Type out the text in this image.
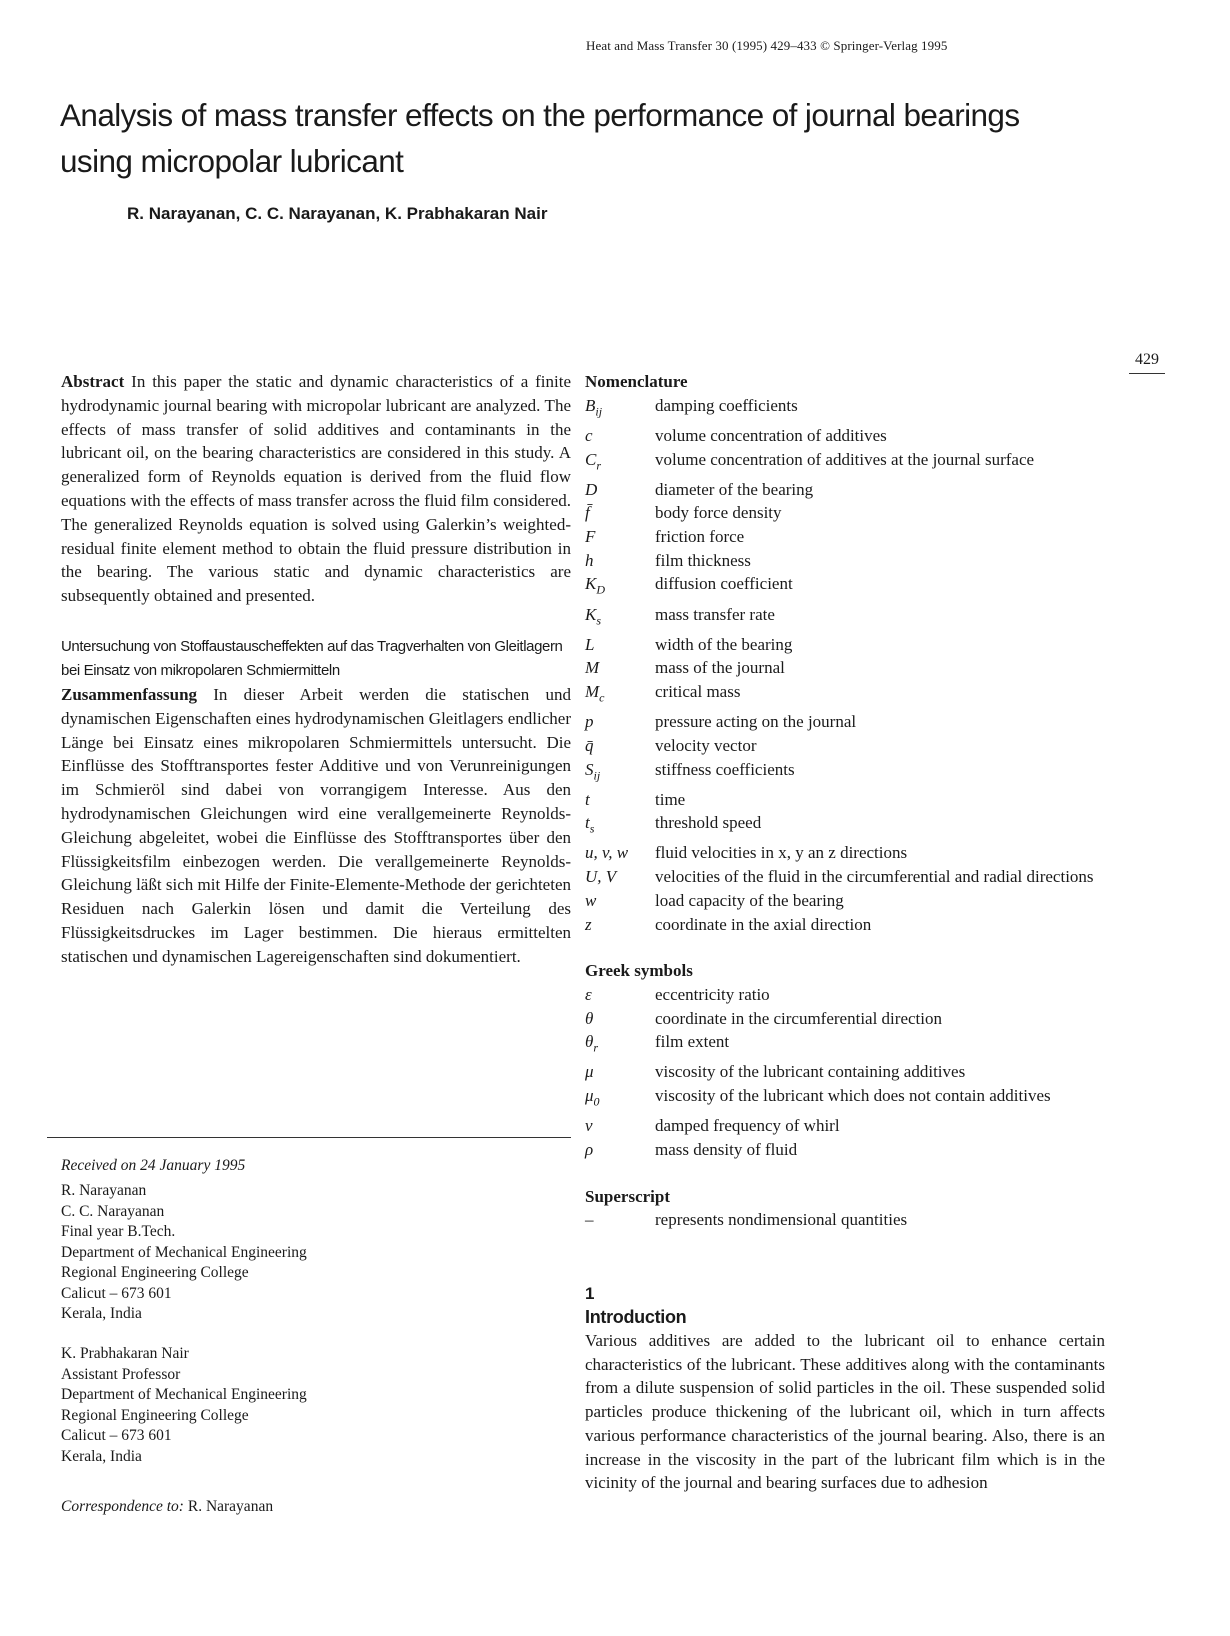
Heat and Mass Transfer 30 (1995) 429–433 © Springer-Verlag 1995
Analysis of mass transfer effects on the performance of journal bearings using micropolar lubricant
R. Narayanan, C. C. Narayanan, K. Prabhakaran Nair
429

Abstract In this paper the static and dynamic characteristics of a finite hydrodynamic journal bearing with micropolar lubricant are analyzed. The effects of mass transfer of solid additives and contaminants in the lubricant oil, on the bearing characteristics are considered in this study. A generalized form of Reynolds equation is derived from the fluid flow equations with the effects of mass transfer across the fluid film considered. The generalized Reynolds equation is solved using Galerkin’s weighted-residual finite element method to obtain the fluid pressure distribution in the bearing. The various static and dynamic characteristics are subsequently obtained and presented.

Untersuchung von Stoffaustauscheffekten auf das Tragverhalten von Gleitlagern bei Einsatz von mikropolaren Schmiermitteln

Zusammenfassung In dieser Arbeit werden die statischen und dynamischen Eigenschaften eines hydrodynamischen Gleitlagers endlicher Länge bei Einsatz eines mikropolaren Schmiermittels untersucht. Die Einflüsse des Stofftransportes fester Additive und von Verunreinigungen im Schmieröl sind dabei von vorrangigem Interesse. Aus den hydrodynamischen Gleichungen wird eine verallgemeinerte Reynolds-Gleichung abgeleitet, wobei die Einflüsse des Stofftransportes über den Flüssigkeitsfilm einbezogen werden. Die verallgemeinerte Reynolds-Gleichung läßt sich mit Hilfe der Finite-Elemente-Methode der gerichteten Residuen nach Galerkin lösen und damit die Verteilung des Flüssigkeitsdruckes im Lager bestimmen. Die hieraus ermittelten statischen und dynamischen Lagereigenschaften sind dokumentiert.

Received on 24 January 1995
R. Narayanan
C. C. Narayanan
Final year B.Tech.
Department of Mechanical Engineering
Regional Engineering College
Calicut – 673 601
Kerala, India
K. Prabhakaran Nair
Assistant Professor
Department of Mechanical Engineering
Regional Engineering College
Calicut – 673 601
Kerala, India
Correspondence to: R. Narayanan
Nomenclature
$B_{ij}$	damping coefficients
c	volume concentration of additives
$C_r$	volume concentration of additives at the journal surface
D	diameter of the bearing
f̄	body force density
F	friction force
h	film thickness
$K_D$	diffusion coefficient
$K_s$	mass transfer rate
L	width of the bearing
M	mass of the journal
$M_c$	critical mass
p	pressure acting on the journal
q̄	velocity vector
$S_{ij}$	stiffness coefficients
t	time
$t_s$	threshold speed
u, v, w	fluid velocities in x, y an z directions
U, V	velocities of the fluid in the circumferential and radial directions
w	load capacity of the bearing
z	coordinate in the axial direction
Greek symbols
ε	eccentricity ratio
θ	coordinate in the circumferential direction
$\theta_r$	film extent
μ	viscosity of the lubricant containing additives
$\mu_0$	viscosity of the lubricant which does not contain additives
ν	damped frequency of whirl
ρ	mass density of fluid
Superscript
–	represents nondimensional quantities
1
Introduction

Various additives are added to the lubricant oil to enhance certain characteristics of the lubricant. These additives along with the contaminants from a dilute suspension of solid particles in the oil. These suspended solid particles produce thickening of the lubricant oil, which in turn affects various performance characteristics of the journal bearing. Also, there is an increase in the viscosity in the part of the lubricant film which is in the vicinity of the journal and bearing surfaces due to adhesion
